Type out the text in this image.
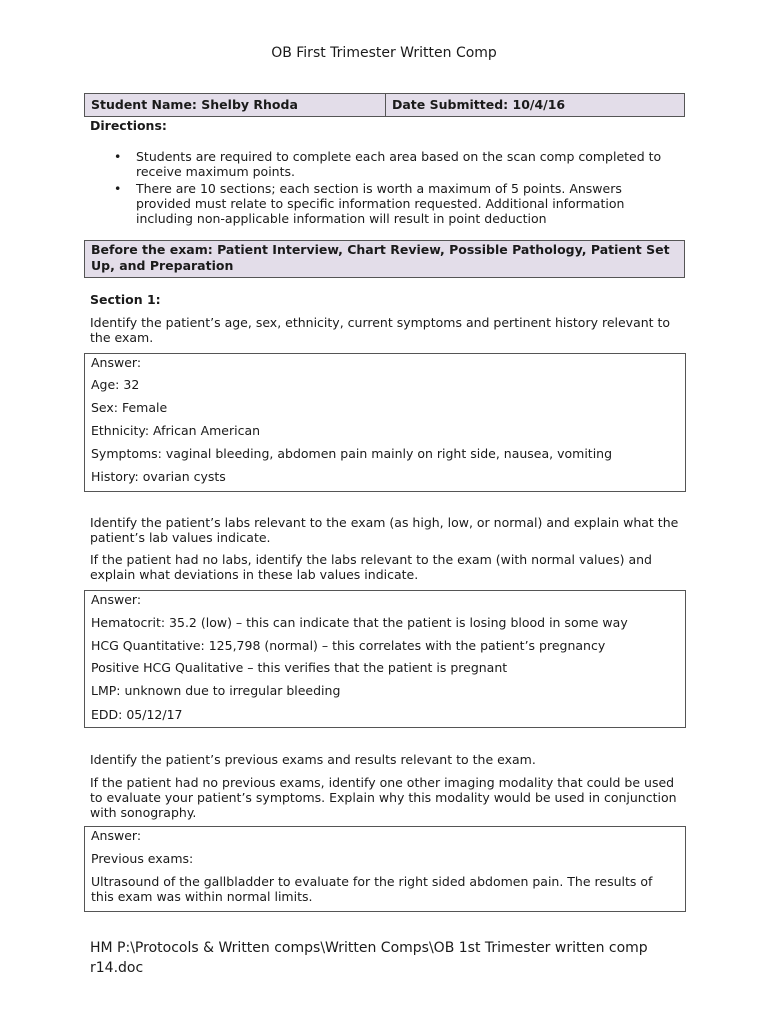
OB First Trimester Written Comp
Student Name: Shelby Rhoda	Date Submitted: 10/4/16
Directions:
• Students are required to complete each area based on the scan comp completed to receive maximum points.
• There are 10 sections; each section is worth a maximum of 5 points. Answers provided must relate to specific information requested. Additional information including non-applicable information will result in point deduction
Before the exam: Patient Interview, Chart Review, Possible Pathology, Patient Set Up, and Preparation
Section 1:
Identify the patient’s age, sex, ethnicity, current symptoms and pertinent history relevant to the exam.
Answer:
Age: 32
Sex: Female
Ethnicity: African American
Symptoms: vaginal bleeding, abdomen pain mainly on right side, nausea, vomiting
History: ovarian cysts
Identify the patient’s labs relevant to the exam (as high, low, or normal) and explain what the patient’s lab values indicate.
If the patient had no labs, identify the labs relevant to the exam (with normal values) and explain what deviations in these lab values indicate.
Answer:
Hematocrit: 35.2 (low) – this can indicate that the patient is losing blood in some way
HCG Quantitative: 125,798 (normal) – this correlates with the patient’s pregnancy
Positive HCG Qualitative – this verifies that the patient is pregnant
LMP: unknown due to irregular bleeding
EDD: 05/12/17
Identify the patient’s previous exams and results relevant to the exam.
If the patient had no previous exams, identify one other imaging modality that could be used to evaluate your patient’s symptoms. Explain why this modality would be used in conjunction with sonography.
Answer:
Previous exams:
Ultrasound of the gallbladder to evaluate for the right sided abdomen pain. The results of this exam was within normal limits.
HM P:\Protocols & Written comps\Written Comps\OB 1st Trimester written comp r14.doc
